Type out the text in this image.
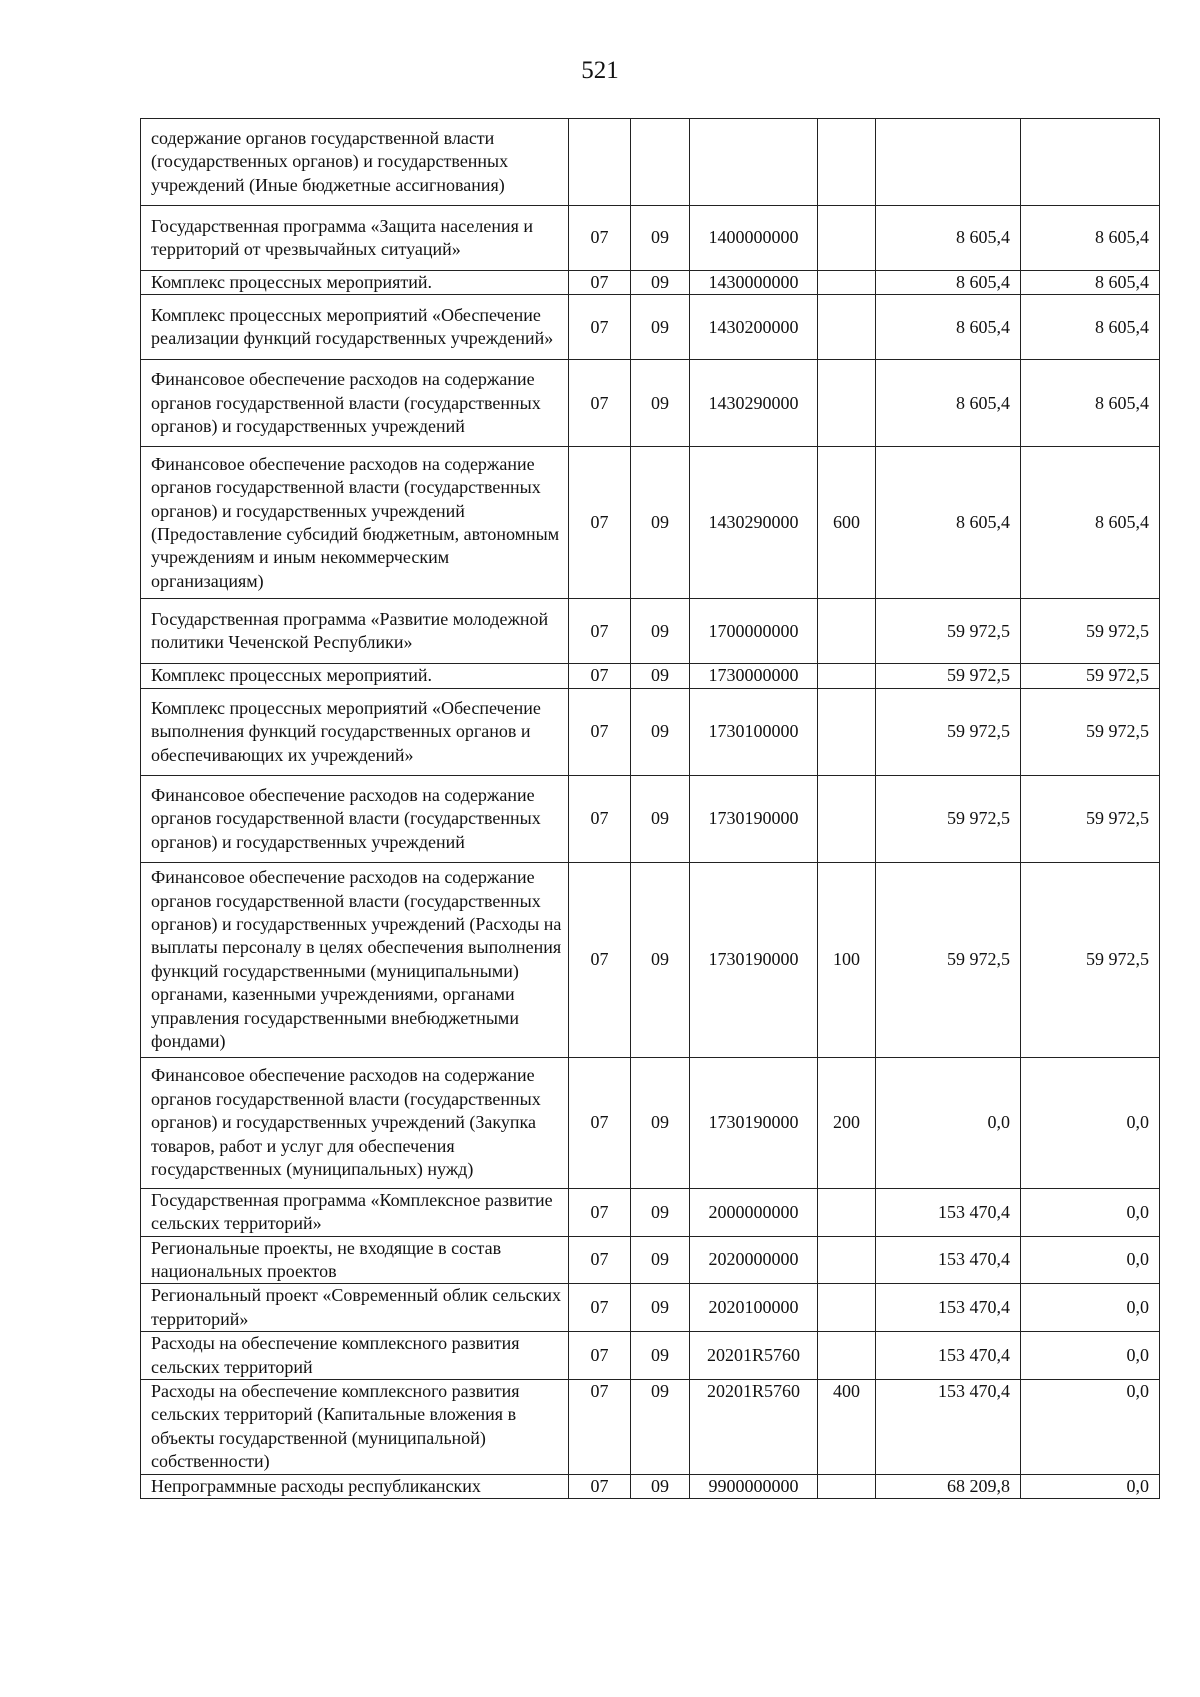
521
содержание органов государственной власти (государственных органов) и государственных учреждений (Иные бюджетные ассигнования)						
Государственная программа «Защита населения и территорий от чрезвычайных ситуаций»	07	09	1400000000		8 605,4	8 605,4
Комплекс процессных мероприятий.	07	09	1430000000		8 605,4	8 605,4
Комплекс процессных мероприятий «Обеспечение реализации функций государственных учреждений»	07	09	1430200000		8 605,4	8 605,4
Финансовое обеспечение расходов на содержание органов государственной власти (государственных органов) и государственных учреждений	07	09	1430290000		8 605,4	8 605,4
Финансовое обеспечение расходов на содержание органов государственной власти (государственных органов) и государственных учреждений (Предоставление субсидий бюджетным, автономным учреждениям и иным некоммерческим организациям)	07	09	1430290000	600	8 605,4	8 605,4
Государственная программа «Развитие молодежной политики Чеченской Республики»	07	09	1700000000		59 972,5	59 972,5
Комплекс процессных мероприятий.	07	09	1730000000		59 972,5	59 972,5
Комплекс процессных мероприятий «Обеспечение выполнения функций государственных органов и обеспечивающих их учреждений»	07	09	1730100000		59 972,5	59 972,5
Финансовое обеспечение расходов на содержание органов государственной власти (государственных органов) и государственных учреждений	07	09	1730190000		59 972,5	59 972,5
Финансовое обеспечение расходов на содержание органов государственной власти (государственных органов) и государственных учреждений (Расходы на выплаты персоналу в целях обеспечения выполнения функций государственными (муниципальными) органами, казенными учреждениями, органами управления государственными внебюджетными фондами)	07	09	1730190000	100	59 972,5	59 972,5
Финансовое обеспечение расходов на содержание органов государственной власти (государственных органов) и государственных учреждений (Закупка товаров, работ и услуг для обеспечения государственных (муниципальных) нужд)	07	09	1730190000	200	0,0	0,0
Государственная программа «Комплексное развитие сельских территорий»	07	09	2000000000		153 470,4	0,0
Региональные проекты, не входящие в состав национальных проектов	07	09	2020000000		153 470,4	0,0
Региональный проект «Современный облик сельских территорий»	07	09	2020100000		153 470,4	0,0
Расходы на обеспечение комплексного развития сельских территорий	07	09	20201R5760		153 470,4	0,0
Расходы на обеспечение комплексного развития сельских территорий (Капитальные вложения в объекты государственной (муниципальной) собственности)	07	09	20201R5760	400	153 470,4	0,0
Непрограммные расходы республиканских	07	09	9900000000		68 209,8	0,0
